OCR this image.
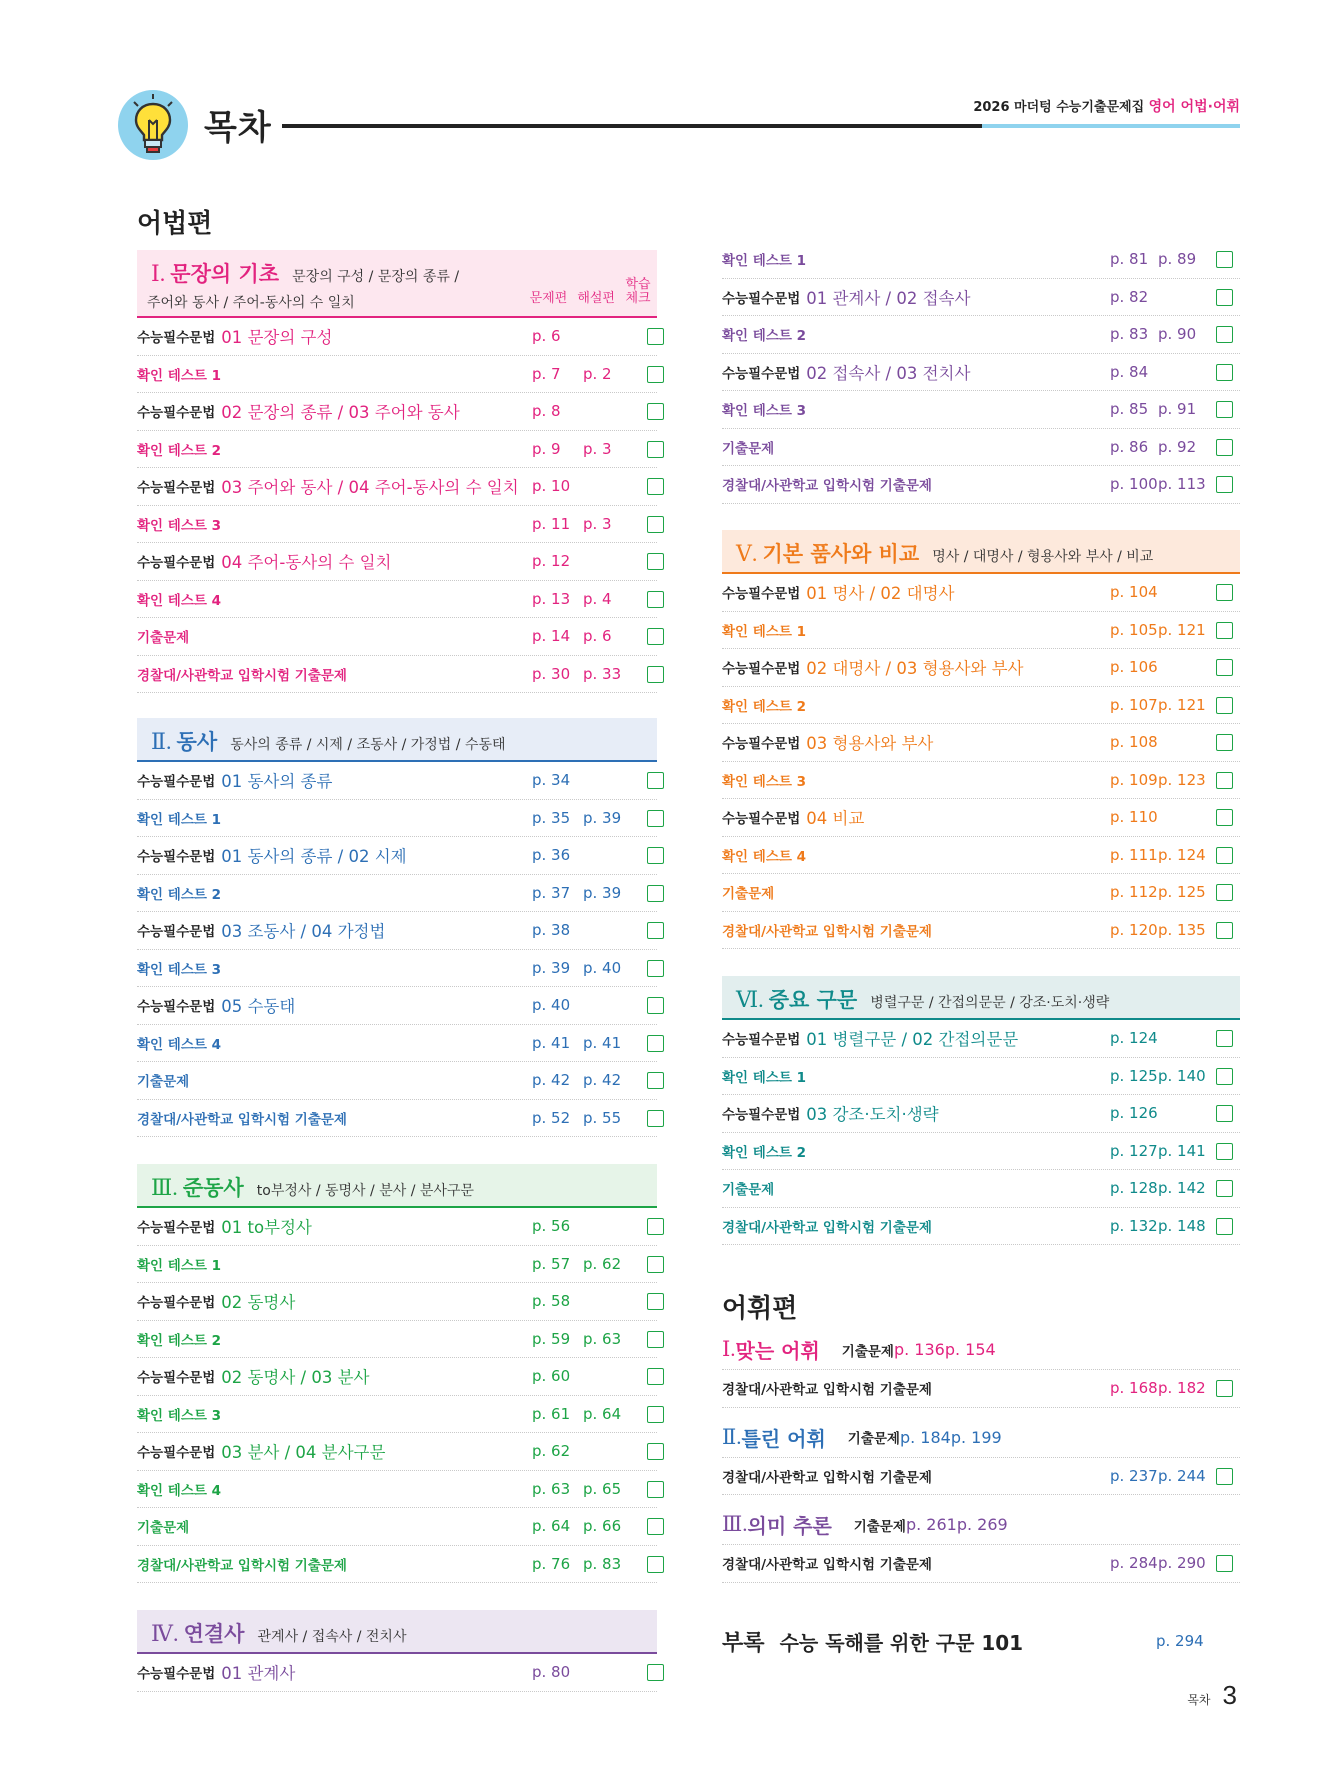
목차
2026 마더텅 수능기출문제집 영어 어법·어휘
어법편
Ⅰ. 문장의 기초 문장의 구성 / 문장의 종류 /
주어와 동사 / 주어-동사의 수 일치	문제편 해설편
학습
체크
수능필수문법 01 문장의 구성	p. 6
확인 테스트 1	p. 7 p. 2
수능필수문법 02 문장의 종류 / 03 주어와 동사	p. 8
확인 테스트 2	p. 9 p. 3
수능필수문법 03 주어와 동사 / 04 주어-동사의 수 일치 p. 10
확인 테스트 3	p. 11 p. 3
수능필수문법 04 주어-동사의 수 일치	p. 12
확인 테스트 4	p. 13 p. 4
기출문제	p. 14 p. 6
경찰대/사관학교 입학시험 기출문제	p. 30 p. 33
Ⅱ. 동사 동사의 종류 / 시제 / 조동사 / 가정법 / 수동태
수능필수문법 01 동사의 종류	p. 34
확인 테스트 1	p. 35 p. 39
수능필수문법 01 동사의 종류 / 02 시제	p. 36
확인 테스트 2	p. 37 p. 39
수능필수문법 03 조동사 / 04 가정법	p. 38
확인 테스트 3	p. 39 p. 40
수능필수문법 05 수동태	p. 40
확인 테스트 4	p. 41 p. 41
기출문제	p. 42 p. 42
경찰대/사관학교 입학시험 기출문제	p. 52 p. 55
Ⅲ. 준동사 to부정사 / 동명사 / 분사 / 분사구문
수능필수문법 01 to부정사	p. 56
확인 테스트 1	p. 57 p. 62
수능필수문법 02 동명사	p. 58
확인 테스트 2	p. 59 p. 63
수능필수문법 02 동명사 / 03 분사	p. 60
확인 테스트 3	p. 61 p. 64
수능필수문법 03 분사 / 04 분사구문	p. 62
확인 테스트 4	p. 63 p. 65
기출문제	p. 64 p. 66
경찰대/사관학교 입학시험 기출문제	p. 76 p. 83
Ⅳ. 연결사 관계사 / 접속사 / 전치사
수능필수문법 01 관계사	p. 80
확인 테스트 1	p. 81 p. 89
수능필수문법 01 관계사 / 02 접속사	p. 82
확인 테스트 2	p. 83 p. 90
수능필수문법 02 접속사 / 03 전치사	p. 84
확인 테스트 3	p. 85 p. 91
기출문제	p. 86 p. 92
경찰대/사관학교 입학시험 기출문제	p. 100 p. 113
Ⅴ. 기본 품사와 비교 명사 / 대명사 / 형용사와 부사 / 비교
수능필수문법 01 명사 / 02 대명사	p. 104
확인 테스트 1	p. 105 p. 121
수능필수문법 02 대명사 / 03 형용사와 부사	p. 106
확인 테스트 2	p. 107 p. 121
수능필수문법 03 형용사와 부사	p. 108
확인 테스트 3	p. 109 p. 123
수능필수문법 04 비교	p. 110
확인 테스트 4	p. 111 p. 124
기출문제	p. 112 p. 125
경찰대/사관학교 입학시험 기출문제	p. 120 p. 135
Ⅵ. 중요 구문 병렬구문 / 간접의문문 / 강조·도치·생략
수능필수문법 01 병렬구문 / 02 간접의문문	p. 124
확인 테스트 1	p. 125 p. 140
수능필수문법 03 강조·도치·생략	p. 126
확인 테스트 2	p. 127 p. 141
기출문제	p. 128 p. 142
경찰대/사관학교 입학시험 기출문제	p. 132 p. 148
어휘편
Ⅰ. 맞는 어휘 기출문제 p. 136 p. 154
경찰대/사관학교 입학시험 기출문제	p. 168 p. 182
Ⅱ. 틀린 어휘 기출문제 p. 184 p. 199
경찰대/사관학교 입학시험 기출문제	p. 237 p. 244
Ⅲ. 의미 추론 기출문제 p. 261 p. 269
경찰대/사관학교 입학시험 기출문제	p. 284 p. 290
부록 수능 독해를 위한 구문 101	p. 294
목차 3
